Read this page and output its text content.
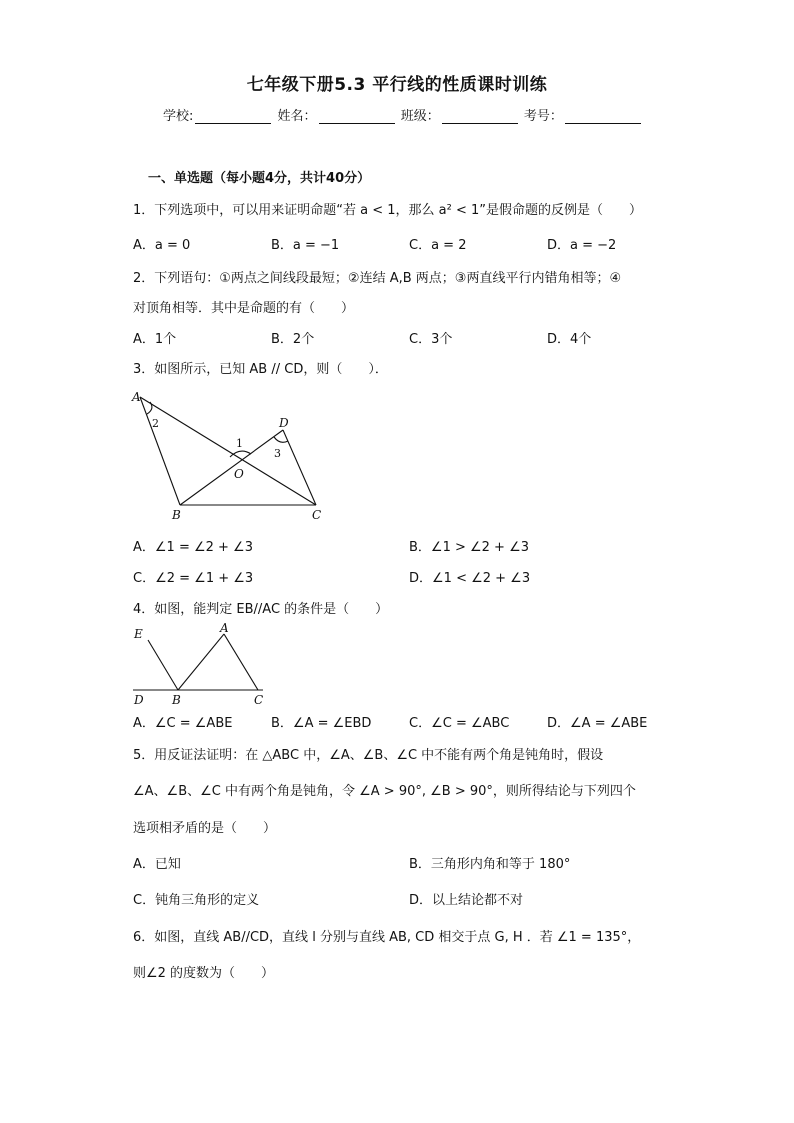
七年级下册5.3 平行线的性质课时训练
学校:	姓名：	班级：	考号：
一、单选题（每小题4分，共计40分）
1．下列选项中，可以用来证明命题“若 a < 1，那么 a² < 1”是假命题的反例是（　　）
A．a = 0	B．a = −1	C．a = 2	D．a = −2
2．下列语句：①两点之间线段最短；②连结 A,B 两点；③两直线平行内错角相等；④
对顶角相等．其中是命题的有（　　）
A．1个	B．2个	C．3个	D．4个
3．如图所示，已知 AB // CD，则（　　）．
A
B	C
D
O
1
2
3
A．∠1 = ∠2 + ∠3	B．∠1 > ∠2 + ∠3
C．∠2 = ∠1 + ∠3	D．∠1 < ∠2 + ∠3
4．如图，能判定 EB//AC 的条件是（　　）
E	A
D B	C
A．∠C = ∠ABE	B．∠A = ∠EBD	C．∠C = ∠ABC	D．∠A = ∠ABE
5．用反证法证明：在 △ABC 中，∠A、∠B、∠C 中不能有两个角是钝角时，假设
∠A、∠B、∠C 中有两个角是钝角，令 ∠A > 90°, ∠B > 90°，则所得结论与下列四个
选项相矛盾的是（　　）
A．已知	B．三角形内角和等于 180°
C．钝角三角形的定义	D．以上结论都不对
6．如图，直线 AB//CD，直线 l 分别与直线 AB, CD 相交于点 G, H ．若 ∠1 = 135°，
则∠2 的度数为（　　）
